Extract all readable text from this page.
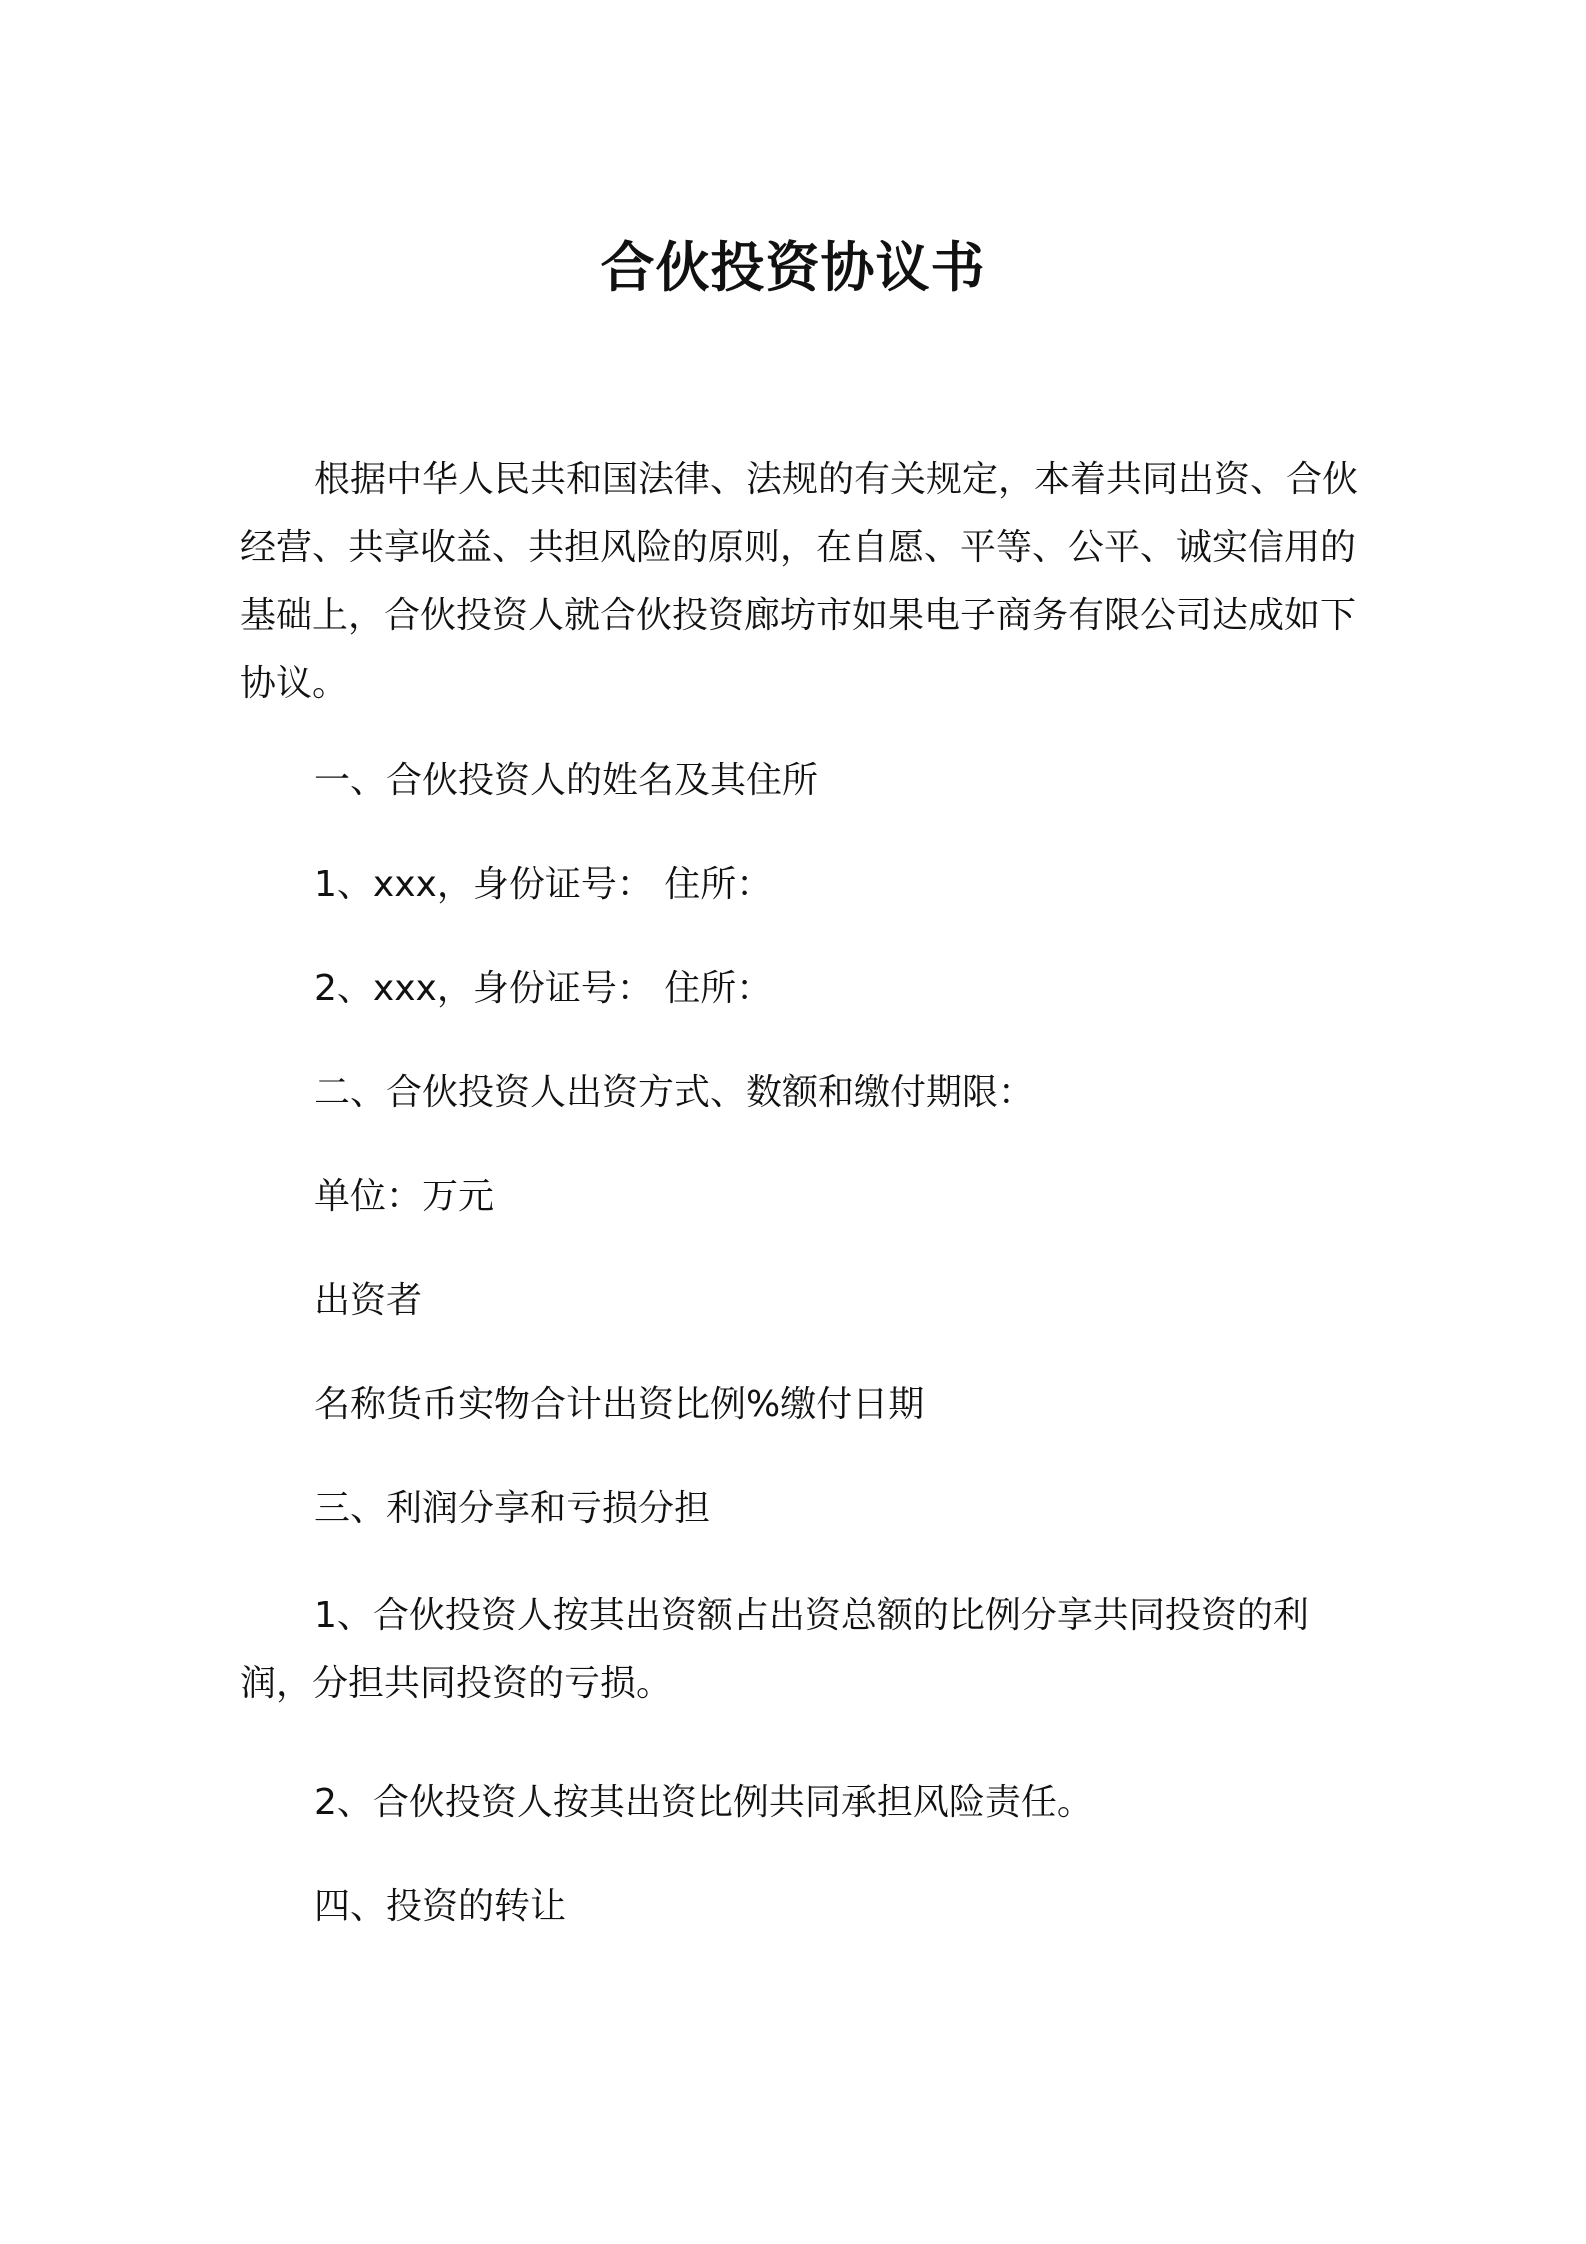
合伙投资协议书

根据中华人民共和国法律、法规的有关规定，本着共同出资、合伙经营、共享收益、共担风险的原则，在自愿、平等、公平、诚实信用的基础上，合伙投资人就合伙投资廊坊市如果电子商务有限公司达成如下协议。

一、合伙投资人的姓名及其住所

1、xxx，身份证号： 住所：

2、xxx，身份证号： 住所：

二、合伙投资人出资方式、数额和缴付期限：

单位：万元

出资者

名称货币实物合计出资比例%缴付日期

三、利润分享和亏损分担

1、合伙投资人按其出资额占出资总额的比例分享共同投资的利润，分担共同投资的亏损。

2、合伙投资人按其出资比例共同承担风险责任。

四、投资的转让
